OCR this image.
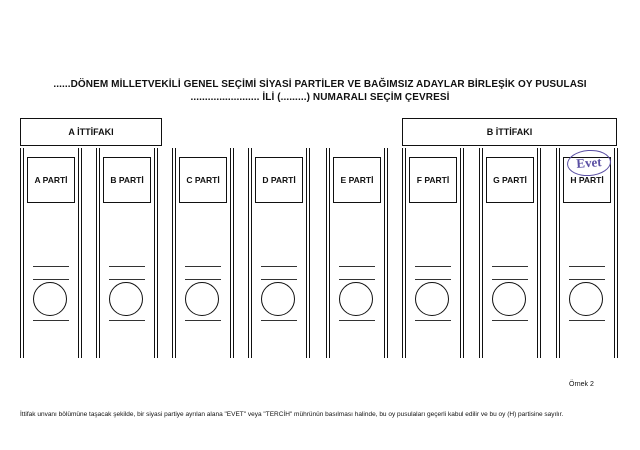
......DÖNEM MİLLETVEKİLİ GENEL SEÇİMİ SİYASİ PARTİLER VE BAĞIMSIZ ADAYLAR BİRLEŞİK OY PUSULASI
........................ İLİ (.........) NUMARALI SEÇİM ÇEVRESİ
A İTTİFAKI	B İTTİFAKI
A PARTİ	B PARTİ	C PARTİ	D PARTİ	E PARTİ	F PARTİ	G PARTİ	H PARTİ
Evet
Örnek 2
İttifak unvanı bölümüne taşacak şekilde, bir siyasi partiye ayrılan alana "EVET" veya "TERCİH" mührünün basılması halinde, bu oy pusulaları geçerli kabul edilir ve bu oy (H) partisine sayılır.
